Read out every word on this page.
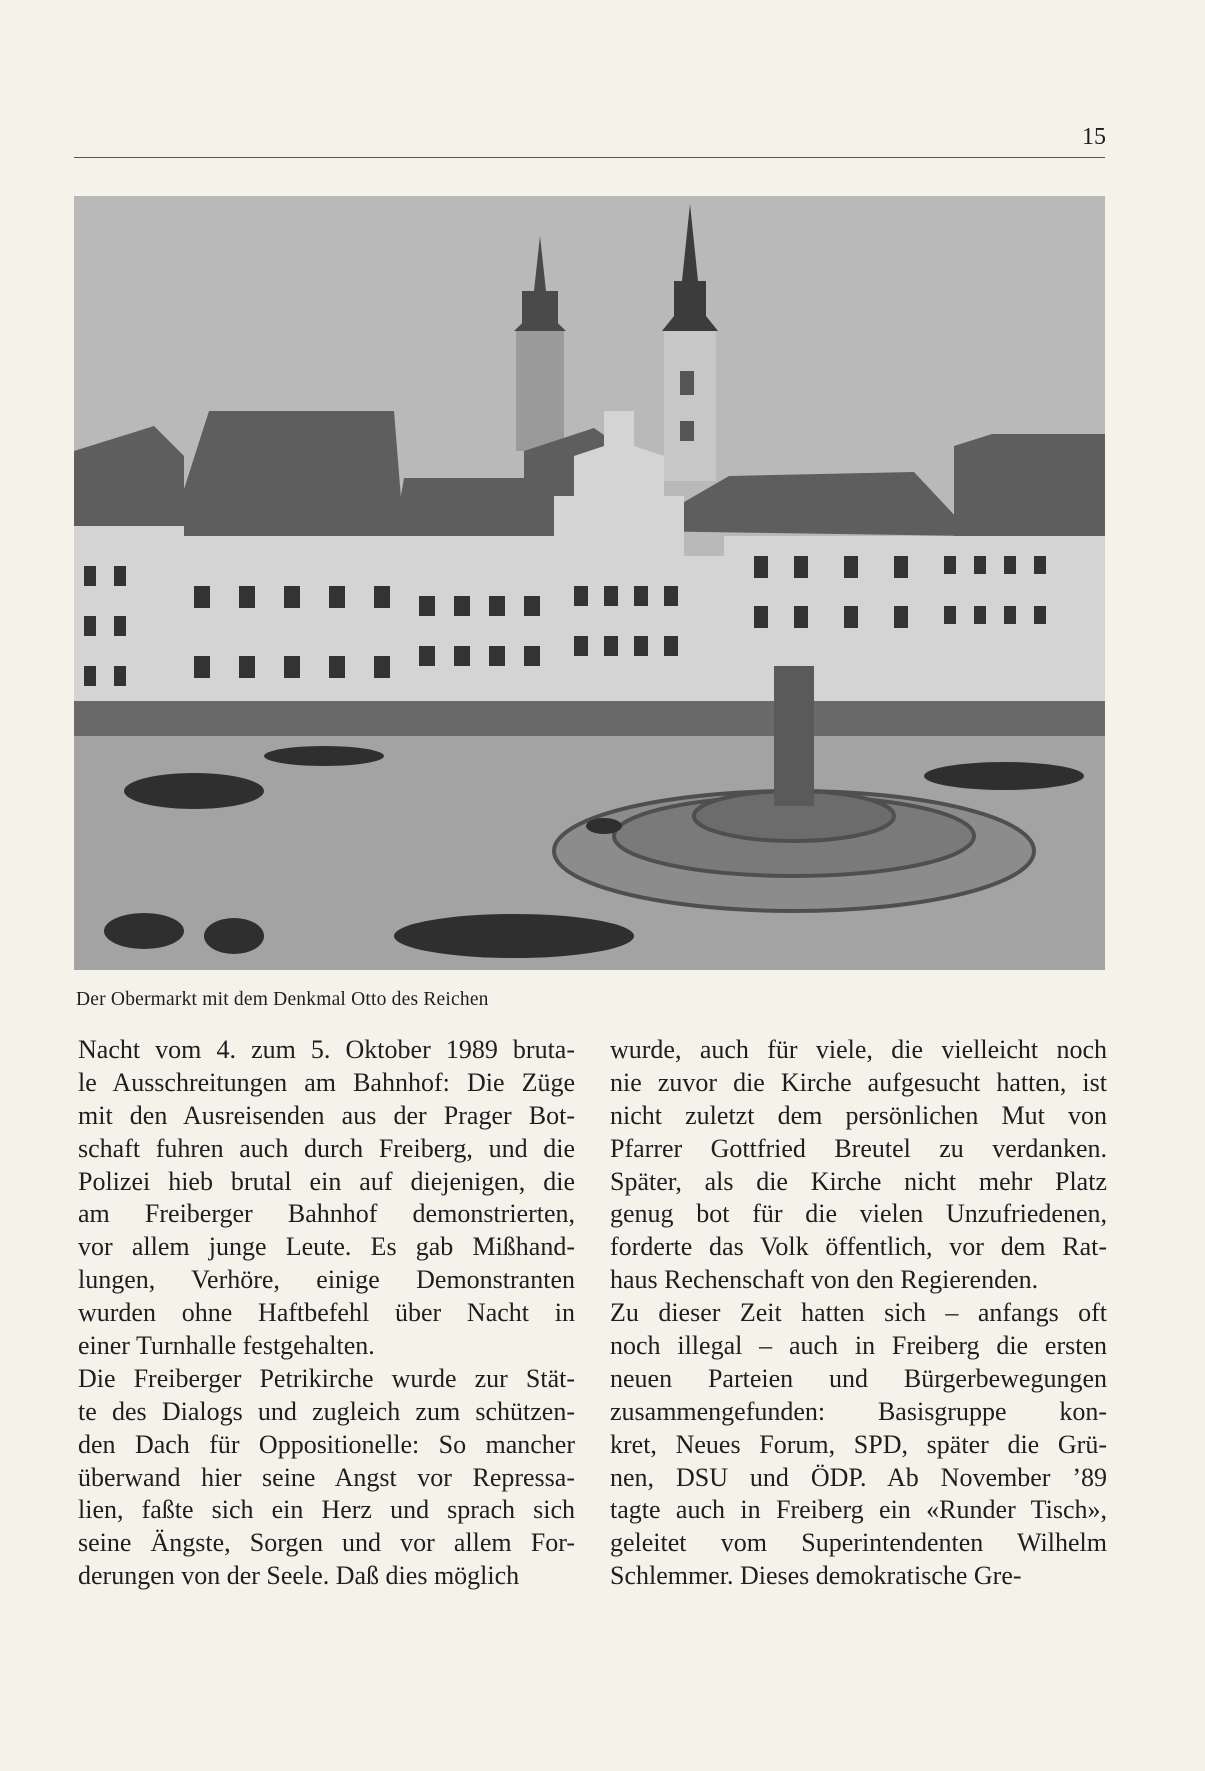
15
Der Obermarkt mit dem Denkmal Otto des Reichen
Nacht vom 4. zum 5. Oktober 1989 bruta-
le Ausschreitungen am Bahnhof: Die Züge
mit den Ausreisenden aus der Prager Bot-
schaft fuhren auch durch Freiberg, und die
Polizei hieb brutal ein auf diejenigen, die
am Freiberger Bahnhof demonstrierten,
vor allem junge Leute. Es gab Mißhand-
lungen, Verhöre, einige Demonstranten
wurden ohne Haftbefehl über Nacht in
einer Turnhalle festgehalten.
Die Freiberger Petrikirche wurde zur Stät-
te des Dialogs und zugleich zum schützen-
den Dach für Oppositionelle: So mancher
überwand hier seine Angst vor Repressa-
lien, faßte sich ein Herz und sprach sich
seine Ängste, Sorgen und vor allem For-
derungen von der Seele. Daß dies möglich
wurde, auch für viele, die vielleicht noch
nie zuvor die Kirche aufgesucht hatten, ist
nicht zuletzt dem persönlichen Mut von
Pfarrer Gottfried Breutel zu verdanken.
Später, als die Kirche nicht mehr Platz
genug bot für die vielen Unzufriedenen,
forderte das Volk öffentlich, vor dem Rat-
haus Rechenschaft von den Regierenden.
Zu dieser Zeit hatten sich – anfangs oft
noch illegal – auch in Freiberg die ersten
neuen Parteien und Bürgerbewegungen
zusammengefunden: Basisgruppe kon-
kret, Neues Forum, SPD, später die Grü-
nen, DSU und ÖDP. Ab November ’89
tagte auch in Freiberg ein «Runder Tisch»,
geleitet vom Superintendenten Wilhelm
Schlemmer. Dieses demokratische Gre-
